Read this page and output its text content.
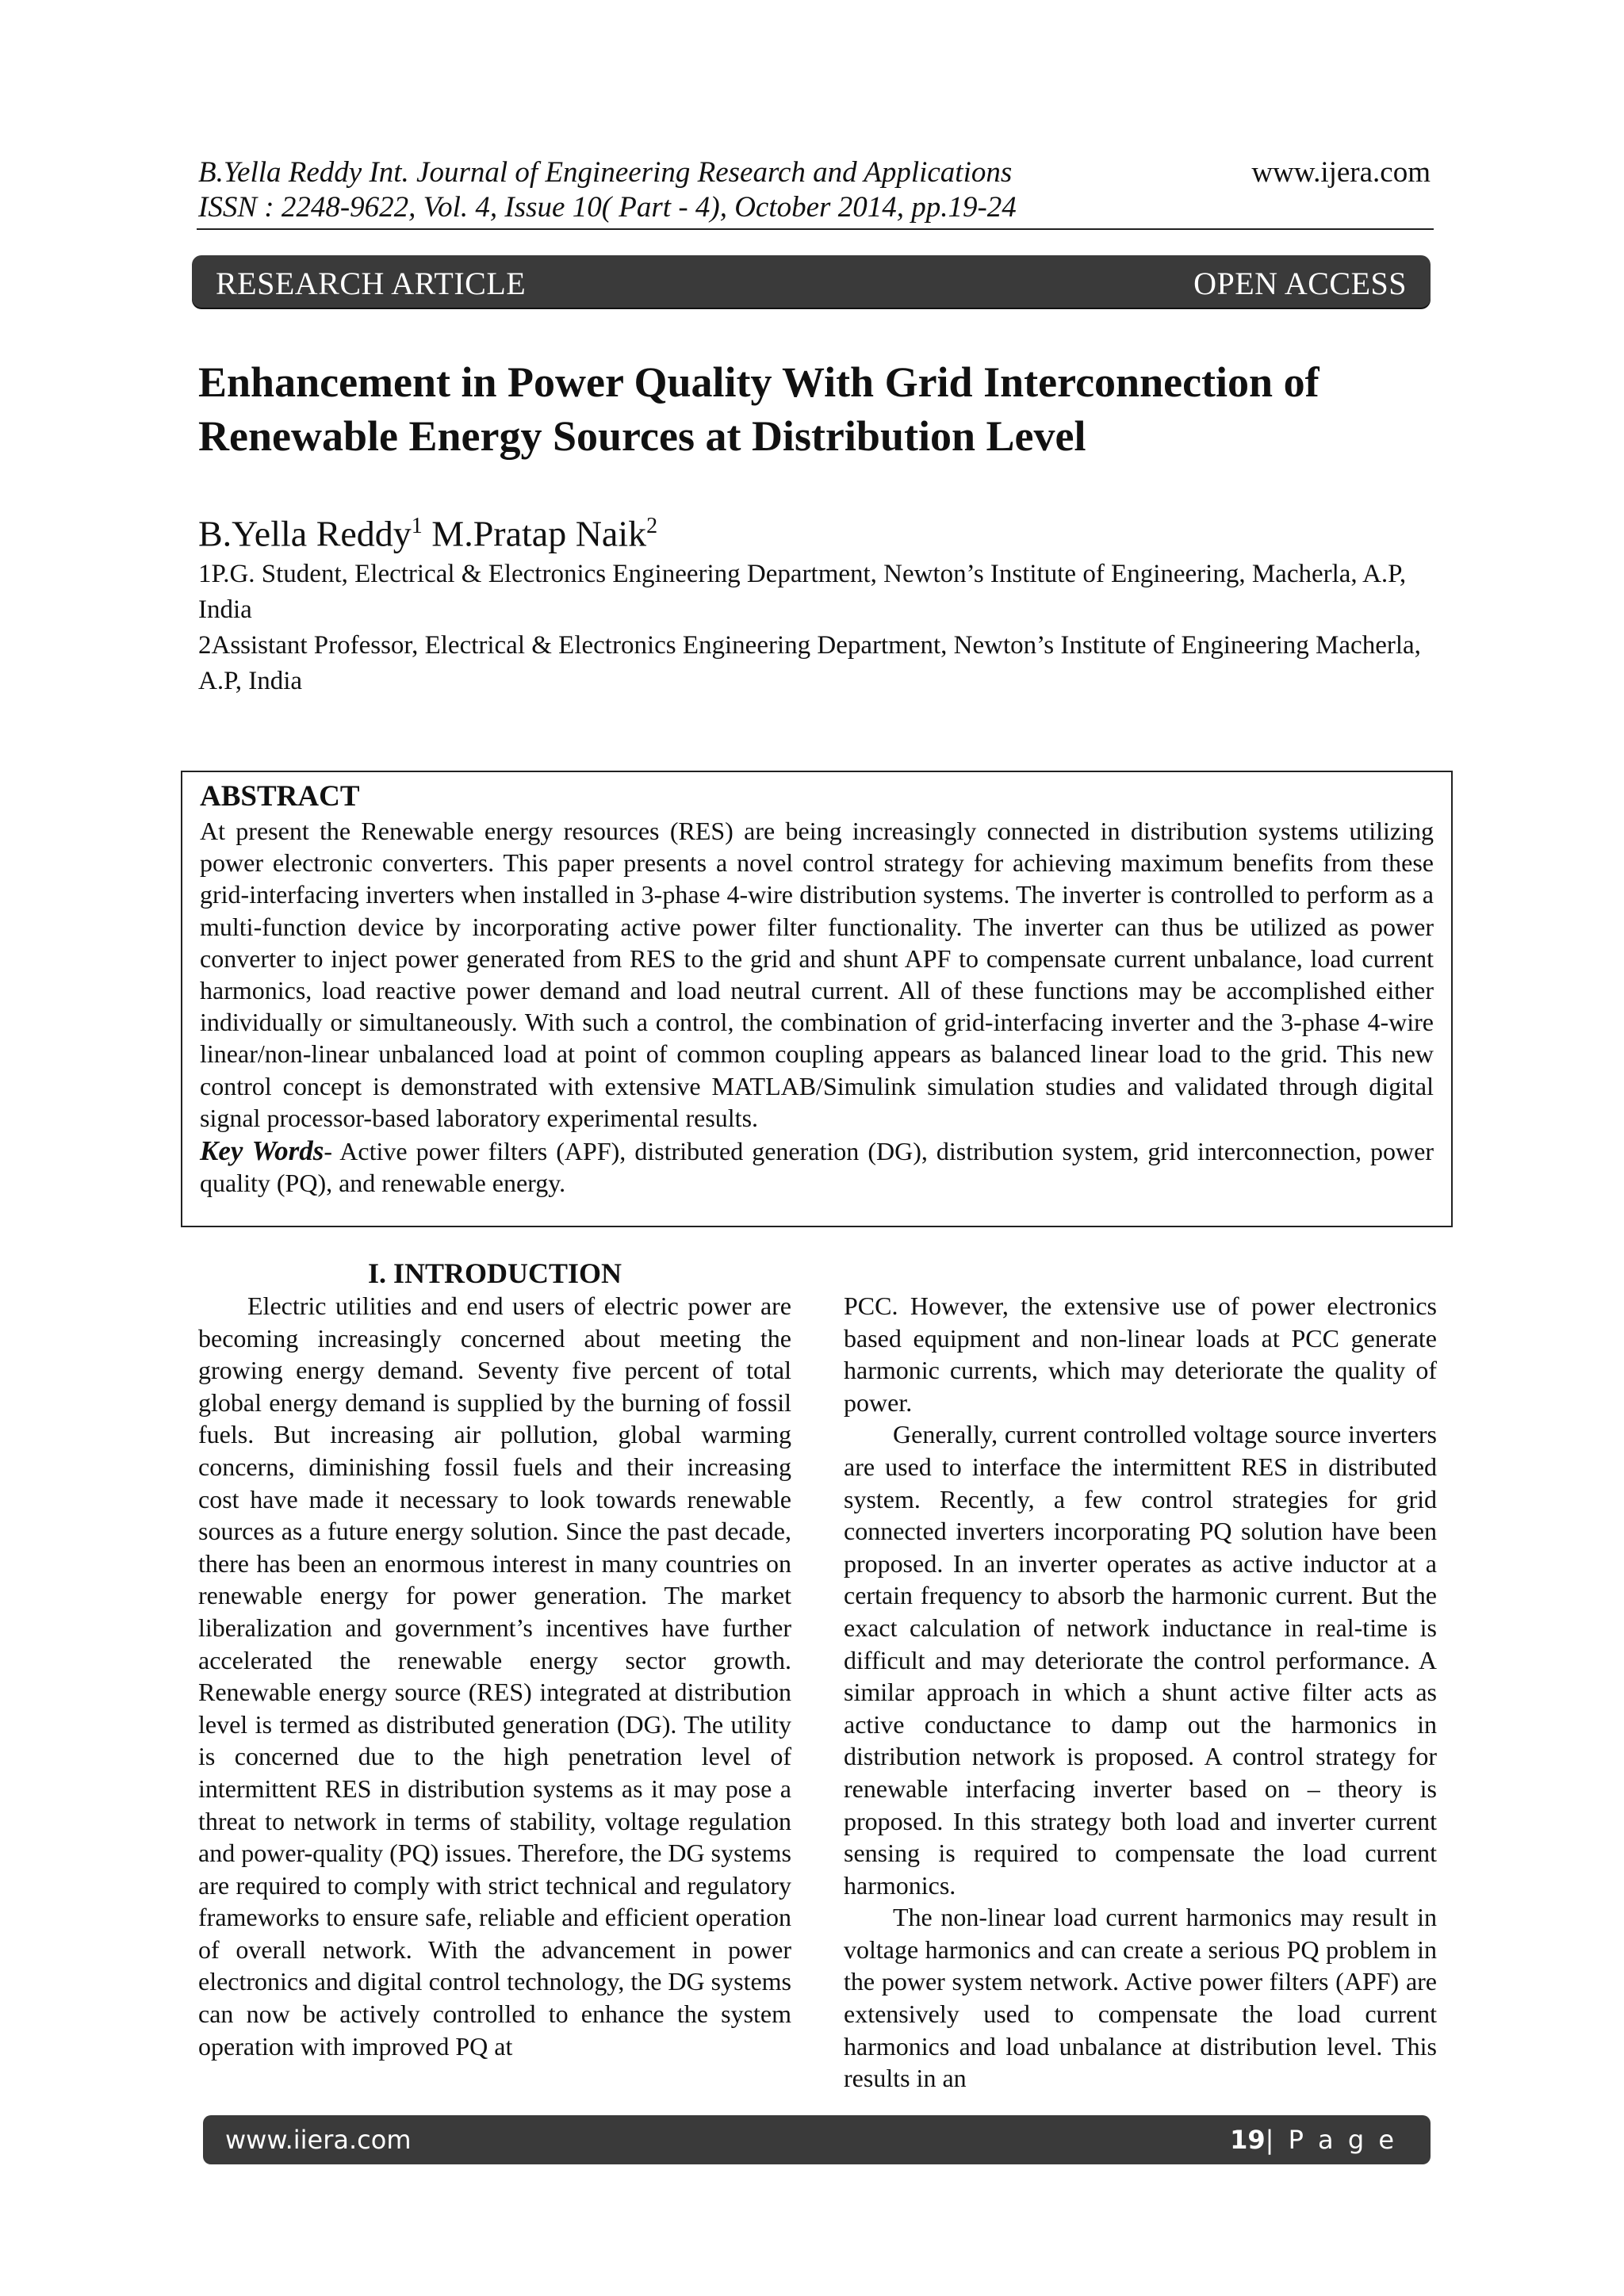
B.Yella Reddy Int. Journal of Engineering Research and Applications
ISSN : 2248-9622, Vol. 4, Issue 10( Part - 4), October 2014, pp.19-24
www.ijera.com
RESEARCH ARTICLE	OPEN ACCESS
Enhancement in Power Quality With Grid Interconnection of Renewable Energy Sources at Distribution Level
B.Yella Reddy$^1$ M.Pratap Naik$^2$

1P.G. Student, Electrical & Electronics Engineering Department, Newton’s Institute of Engineering, Macherla, A.P, India

2Assistant Professor, Electrical & Electronics Engineering Department, Newton’s Institute of Engineering Macherla, A.P, India

ABSTRACT

At present the Renewable energy resources (RES) are being increasingly connected in distribution systems utilizing power electronic converters. This paper presents a novel control strategy for achieving maximum benefits from these grid-interfacing inverters when installed in 3-phase 4-wire distribution systems. The inverter is controlled to perform as a multi-function device by incorporating active power filter functionality. The inverter can thus be utilized as power converter to inject power generated from RES to the grid and shunt APF to compensate current unbalance, load current harmonics, load reactive power demand and load neutral current. All of these functions may be accomplished either individually or simultaneously. With such a control, the combination of grid-interfacing inverter and the 3-phase 4-wire linear/non-linear unbalanced load at point of common coupling appears as balanced linear load to the grid. This new control concept is demonstrated with extensive MATLAB/Simulink simulation studies and validated through digital signal processor-based laboratory experimental results.

Key Words- Active power filters (APF), distributed generation (DG), distribution system, grid interconnection, power quality (PQ), and renewable energy.

I. INTRODUCTION

Electric utilities and end users of electric power are becoming increasingly concerned about meeting the growing energy demand. Seventy five percent of total global energy demand is supplied by the burning of fossil fuels. But increasing air pollution, global warming concerns, diminishing fossil fuels and their increasing cost have made it necessary to look towards renewable sources as a future energy solution. Since the past decade, there has been an enormous interest in many countries on renewable energy for power generation. The market liberalization and government’s incentives have further accelerated the renewable energy sector growth. Renewable energy source (RES) integrated at distribution level is termed as distributed generation (DG). The utility is concerned due to the high penetration level of intermittent RES in distribution systems as it may pose a threat to network in terms of stability, voltage regulation and power-quality (PQ) issues. Therefore, the DG systems are required to comply with strict technical and regulatory frameworks to ensure safe, reliable and efficient operation of overall network. With the advancement in power electronics and digital control technology, the DG systems can now be actively controlled to enhance the system operation with improved PQ at

PCC. However, the extensive use of power electronics based equipment and non-linear loads at PCC generate harmonic currents, which may deteriorate the quality of power.

Generally, current controlled voltage source inverters are used to interface the intermittent RES in distributed system. Recently, a few control strategies for grid connected inverters incorporating PQ solution have been proposed. In an inverter operates as active inductor at a certain frequency to absorb the harmonic current. But the exact calculation of network inductance in real-time is difficult and may deteriorate the control performance. A similar approach in which a shunt active filter acts as active conductance to damp out the harmonics in distribution network is proposed. A control strategy for renewable interfacing inverter based on – theory is proposed. In this strategy both load and inverter current sensing is required to compensate the load current harmonics.

The non-linear load current harmonics may result in voltage harmonics and can create a serious PQ problem in the power system network. Active power filters (APF) are extensively used to compensate the load current harmonics and load unbalance at distribution level. This results in an

www.iiera.com	19| P a g e
